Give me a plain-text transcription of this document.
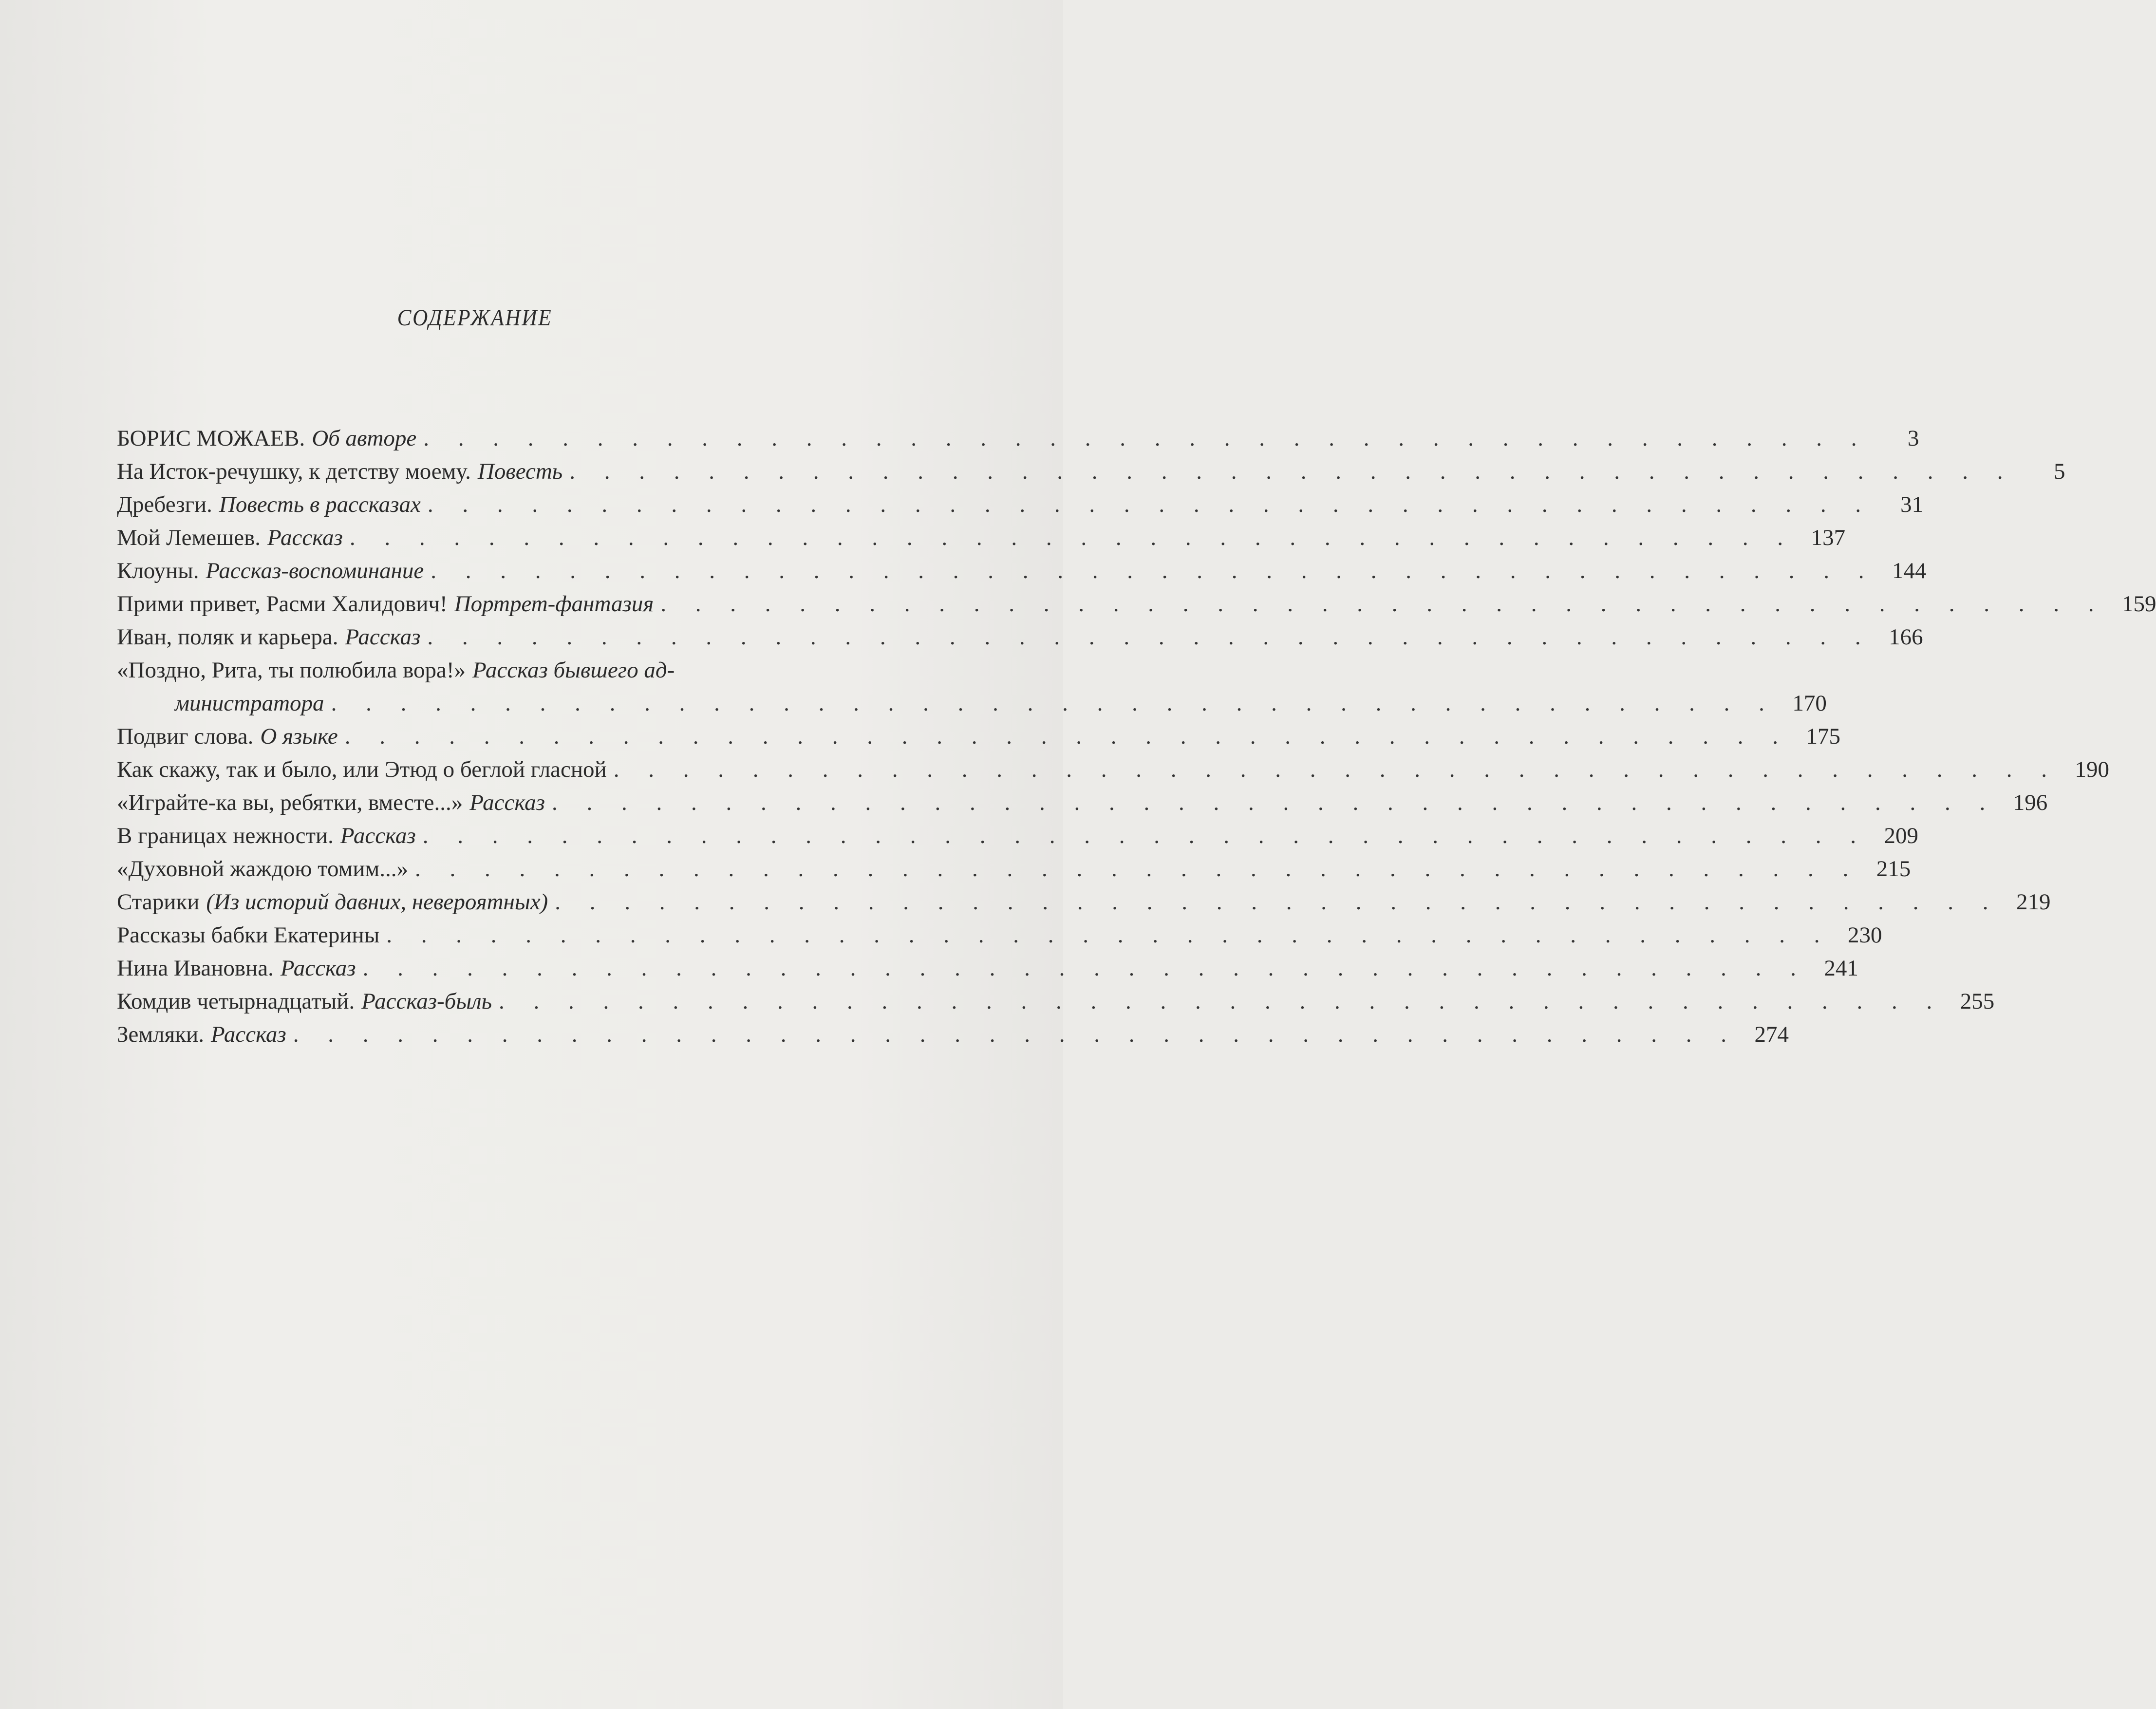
СОДЕРЖАНИЕ
БОРИС МОЖАЕВ. Об авторе . . . . . . . . . . . . . . . . . . . . . . . . . . . . . . . . . . . . . . . . . .	3
На Исток-речушку, к детству моему. Повесть . . . . . . . . . . . . . . . . . . . . . . . . . . . . . . . . . . . . . . . . . .	5
Дребезги. Повесть в рассказах . . . . . . . . . . . . . . . . . . . . . . . . . . . . . . . . . . . . . . . . . .	31
Мой Лемешев. Рассказ . . . . . . . . . . . . . . . . . . . . . . . . . . . . . . . . . . . . . . . . . . 137
Клоуны. Рассказ-воспоминание . . . . . . . . . . . . . . . . . . . . . . . . . . . . . . . . . . . . . . . . . . 144
Прими привет, Расми Халидович! Портрет-фантазия . . . . . . . . . . . . . . . . . . . . . . . . . . . . . . . . . . . . . . . . . . 159
Иван, поляк и карьера. Рассказ . . . . . . . . . . . . . . . . . . . . . . . . . . . . . . . . . . . . . . . . . . 166
«Поздно, Рита, ты полюбила вора!» Рассказ бывшего ад-
министратора . . . . . . . . . . . . . . . . . . . . . . . . . . . . . . . . . . . . . . . . . . 170
Подвиг слова. О языке . . . . . . . . . . . . . . . . . . . . . . . . . . . . . . . . . . . . . . . . . . 175
Как скажу, так и было, или Этюд о беглой гласной . . . . . . . . . . . . . . . . . . . . . . . . . . . . . . . . . . . . . . . . . . 190
«Играйте-ка вы, ребятки, вместе...» Рассказ . . . . . . . . . . . . . . . . . . . . . . . . . . . . . . . . . . . . . . . . . . 196
В границах нежности. Рассказ . . . . . . . . . . . . . . . . . . . . . . . . . . . . . . . . . . . . . . . . . . 209
«Духовной жаждою томим...» . . . . . . . . . . . . . . . . . . . . . . . . . . . . . . . . . . . . . . . . . . 215
Старики (Из историй давних, невероятных) . . . . . . . . . . . . . . . . . . . . . . . . . . . . . . . . . . . . . . . . . . 219
Рассказы бабки Екатерины . . . . . . . . . . . . . . . . . . . . . . . . . . . . . . . . . . . . . . . . . . 230
Нина Ивановна. Рассказ . . . . . . . . . . . . . . . . . . . . . . . . . . . . . . . . . . . . . . . . . . 241
Комдив четырнадцатый. Рассказ-быль . . . . . . . . . . . . . . . . . . . . . . . . . . . . . . . . . . . . . . . . . . 255
Земляки. Рассказ . . . . . . . . . . . . . . . . . . . . . . . . . . . . . . . . . . . . . . . . . . 274
